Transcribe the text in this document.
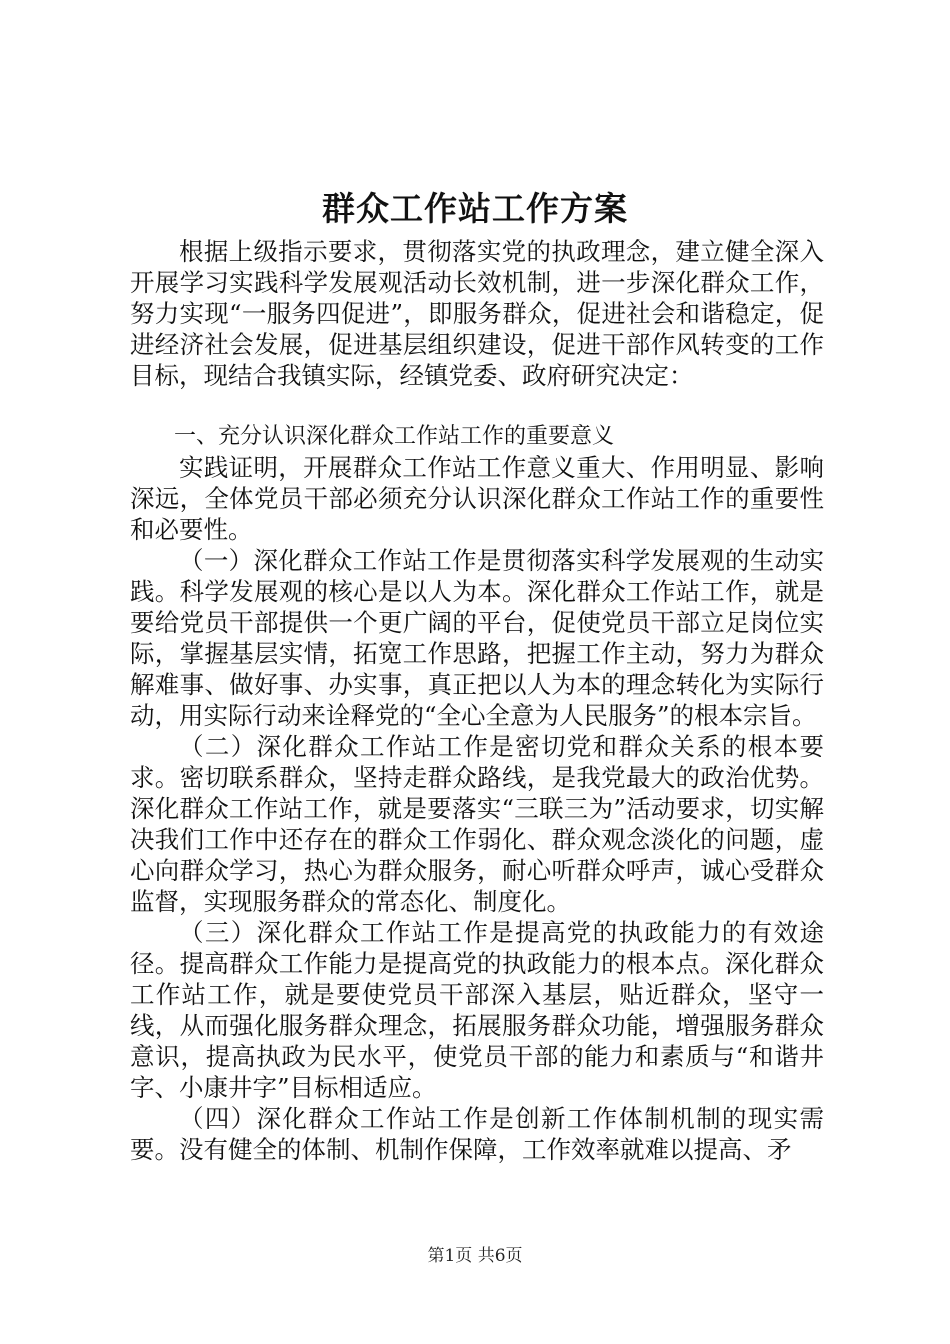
群众工作站工作方案

根据上级指示要求，贯彻落实党的执政理念，建立健全深入开展学习实践科学发展观活动长效机制，进一步深化群众工作，努力实现“一服务四促进”，即服务群众，促进社会和谐稳定，促进经济社会发展，促进基层组织建设，促进干部作风转变的工作目标，现结合我镇实际，经镇党委、政府研究决定：

一、充分认识深化群众工作站工作的重要意义

实践证明，开展群众工作站工作意义重大、作用明显、影响深远，全体党员干部必须充分认识深化群众工作站工作的重要性和必要性。

（一）深化群众工作站工作是贯彻落实科学发展观的生动实践。科学发展观的核心是以人为本。深化群众工作站工作，就是要给党员干部提供一个更广阔的平台，促使党员干部立足岗位实际，掌握基层实情，拓宽工作思路，把握工作主动，努力为群众解难事、做好事、办实事，真正把以人为本的理念转化为实际行动，用实际行动来诠释党的“全心全意为人民服务”的根本宗旨。

（二）深化群众工作站工作是密切党和群众关系的根本要求。密切联系群众，坚持走群众路线，是我党最大的政治优势。深化群众工作站工作，就是要落实“三联三为”活动要求，切实解决我们工作中还存在的群众工作弱化、群众观念淡化的问题，虚心向群众学习，热心为群众服务，耐心听群众呼声，诚心受群众监督，实现服务群众的常态化、制度化。

（三）深化群众工作站工作是提高党的执政能力的有效途径。提高群众工作能力是提高党的执政能力的根本点。深化群众工作站工作，就是要使党员干部深入基层，贴近群众，坚守一线，从而强化服务群众理念，拓展服务群众功能，增强服务群众意识，提高执政为民水平，使党员干部的能力和素质与“和谐井字、小康井字”目标相适应。

（四）深化群众工作站工作是创新工作体制机制的现实需要。没有健全的体制、机制作保障，工作效率就难以提高、矛

第1页 共6页
